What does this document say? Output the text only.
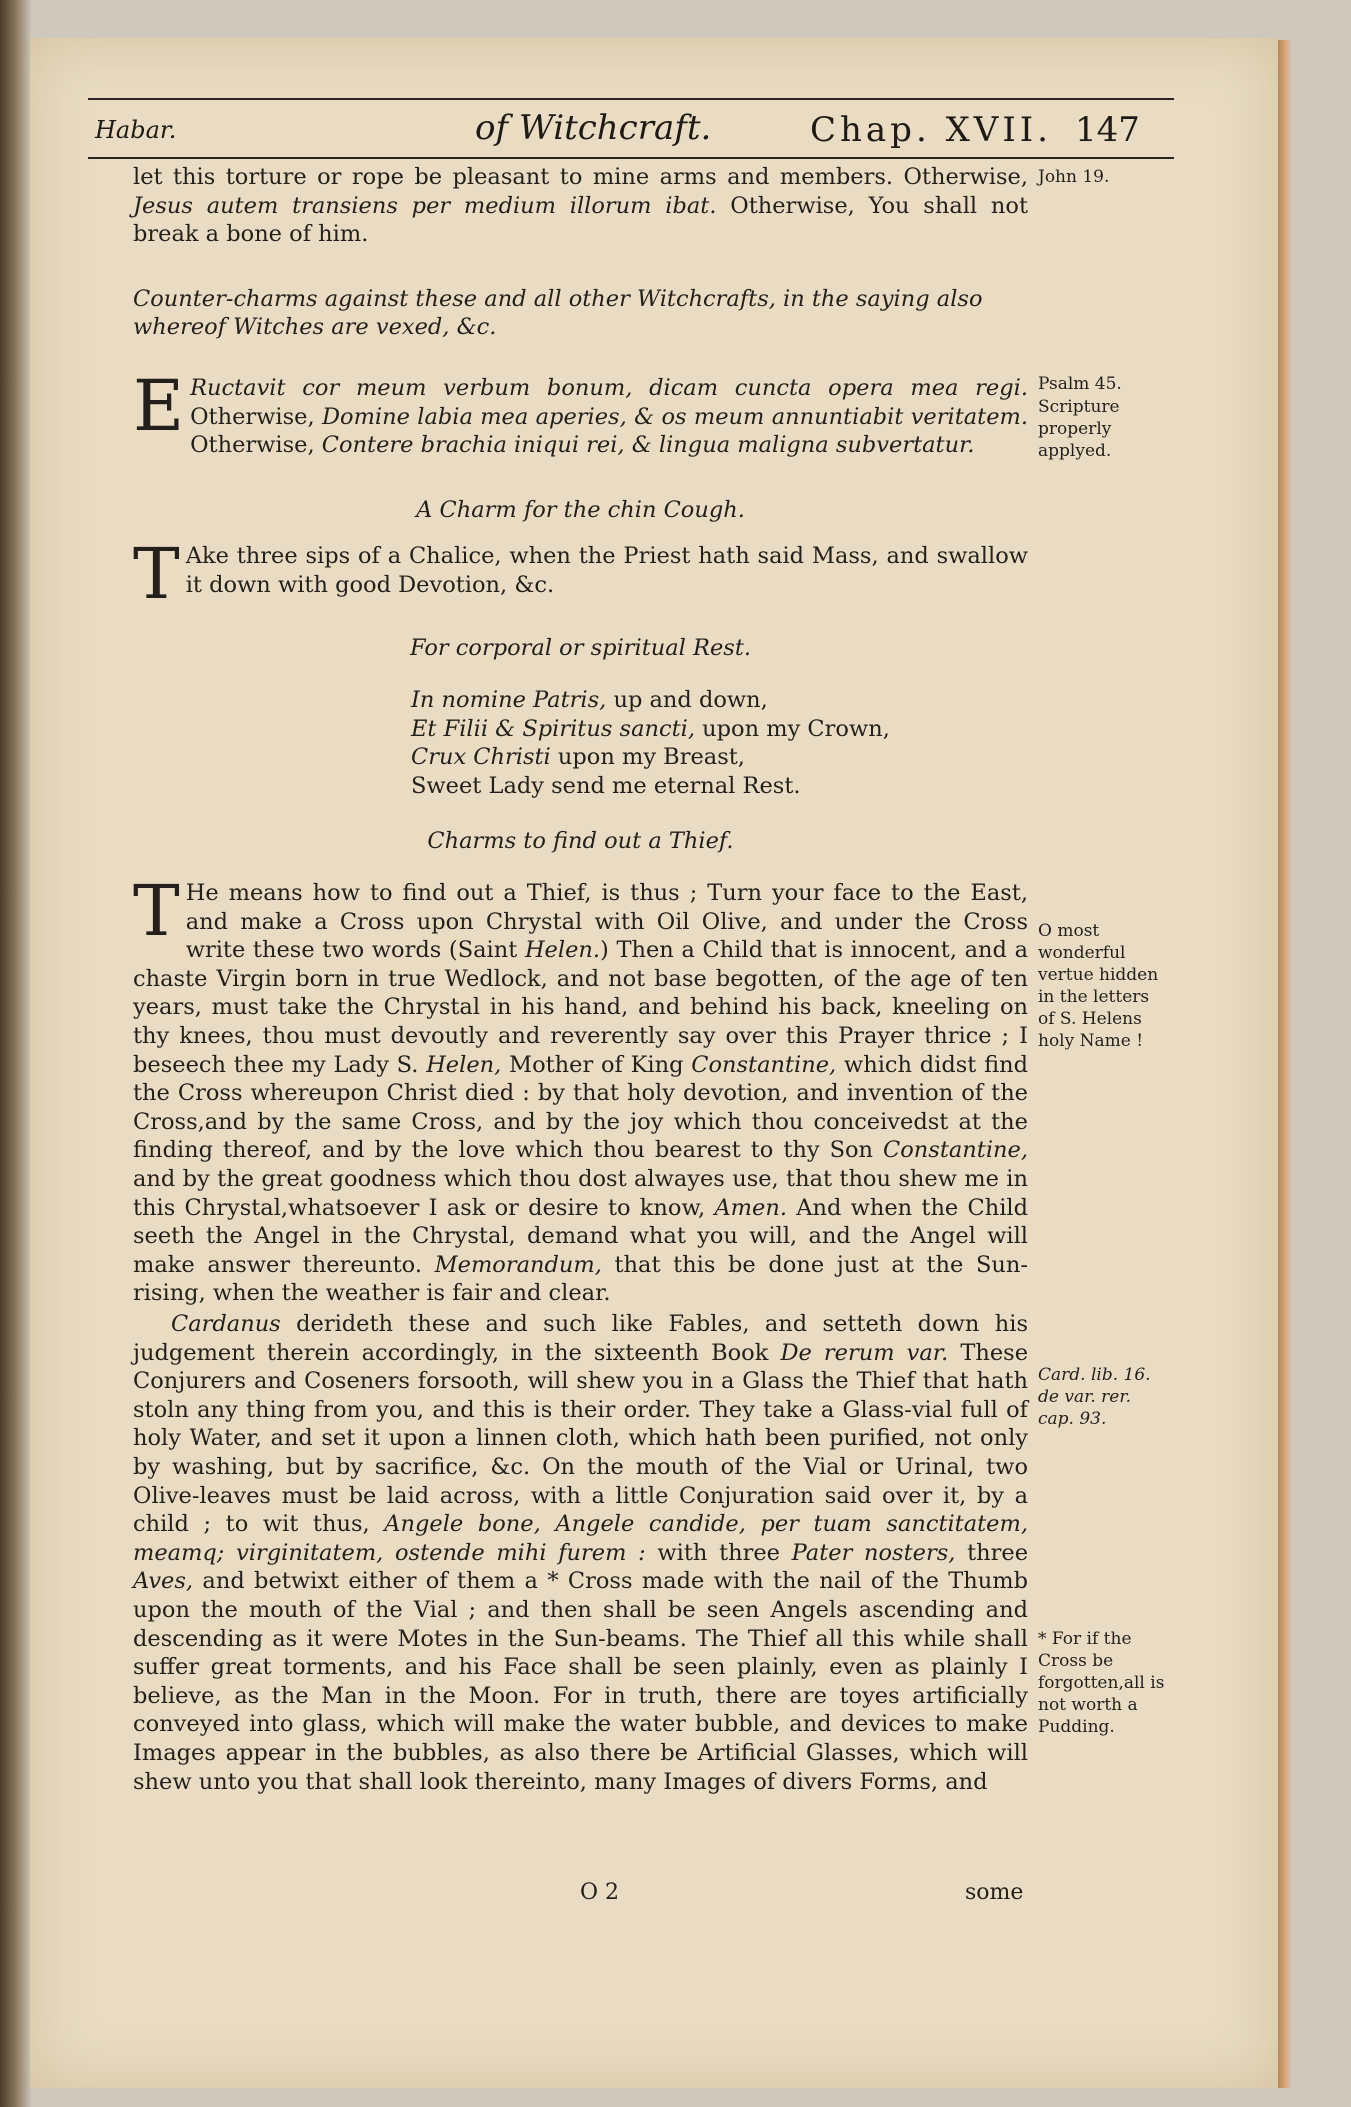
Habar.	of Witchcraft.	Chap. XVII. 147

let this torture or rope be pleasant to mine arms and members. Otherwise, Jesus autem transiens per medium illorum ibat. Otherwise, You shall not break a bone of him.

Counter-charms against these and all other Witchcrafts, in the saying also whereof Witches are vexed, &c.

E Ructavit cor meum verbum bonum, dicam cuncta opera mea regi. Otherwise, Domine labia mea aperies, & os meum annuntiabit veritatem. Otherwise, Contere brachia iniqui rei, & lingua maligna subvertatur.

A Charm for the chin Cough.

T Ake three sips of a Chalice, when the Priest hath said Mass, and swallow it down with good Devotion, &c.

For corporal or spiritual Rest.

In nomine Patris, up and down,
Et Filii & Spiritus sancti, upon my Crown,
Crux Christi upon my Breast,
Sweet Lady send me eternal Rest.

Charms to find out a Thief.

T He means how to find out a Thief, is thus ; Turn your face to the East, and make a Cross upon Chrystal with Oil Olive, and under the Cross write these two words (Saint Helen.) Then a Child that is innocent, and a chaste Virgin born in true Wedlock, and not base begotten, of the age of ten years, must take the Chrystal in his hand, and behind his back, kneeling on thy knees, thou must devoutly and reverently say over this Prayer thrice ; I beseech thee my Lady S. Helen, Mother of King Constantine, which didst find the Cross whereupon Christ died : by that holy devotion, and invention of the Cross,and by the same Cross, and by the joy which thou conceivedst at the finding thereof, and by the love which thou bearest to thy Son Constantine, and by the great goodness which thou dost alwayes use, that thou shew me in this Chrystal,whatsoever I ask or desire to know, Amen. And when the Child seeth the Angel in the Chrystal, demand what you will, and the Angel will make answer thereunto. Memorandum, that this be done just at the Sun-rising, when the weather is fair and clear.

Cardanus derideth these and such like Fables, and setteth down his judgement therein accordingly, in the sixteenth Book De rerum var. These Conjurers and Coseners forsooth, will shew you in a Glass the Thief that hath stoln any thing from you, and this is their order. They take a Glass-vial full of holy Water, and set it upon a linnen cloth, which hath been purified, not only by washing, but by sacrifice, &c. On the mouth of the Vial or Urinal, two Olive-leaves must be laid across, with a little Conjuration said over it, by a child ; to wit thus, Angele bone, Angele candide, per tuam sanctitatem, meamq; virginitatem, ostende mihi furem : with three Pater nosters, three Aves, and betwixt either of them a * Cross made with the nail of the Thumb upon the mouth of the Vial ; and then shall be seen Angels ascending and descending as it were Motes in the Sun-beams. The Thief all this while shall suffer great torments, and his Face shall be seen plainly, even as plainly I believe, as the Man in the Moon. For in truth, there are toyes artificially conveyed into glass, which will make the water bubble, and devices to make Images appear in the bubbles, as also there be Artificial Glasses, which will shew unto you that shall look thereinto, many Images of divers Forms, and

John 19.
Psalm 45.
Scripture properly applyed.
O most wonderful vertue hidden in the letters of S. Helens holy Name !
Card. lib. 16. de var. rer. cap. 93.
* For if the Cross be forgotten,all is not worth a Pudding.
O 2	some
